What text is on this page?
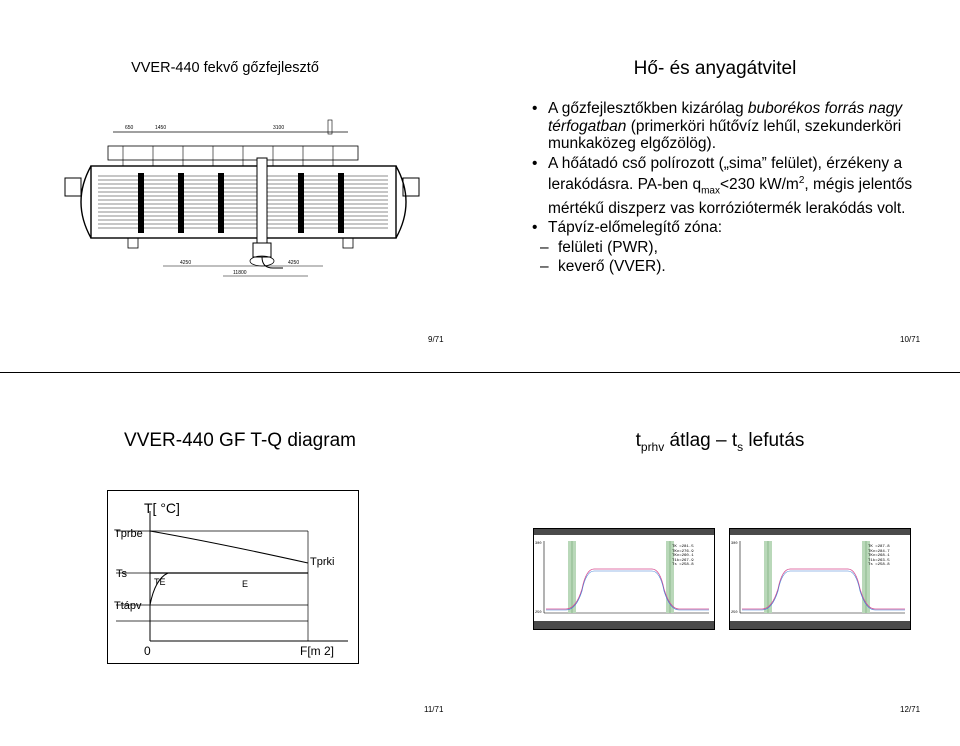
VVER-440 fekvő gőzfejlesztő
650	1450	3100
4250	4250
11800
9/71
Hő- és anyagátvitel
• A gőzfejlesztőkben kizárólag buborékos forrás nagy térfogatban (primerköri hűtővíz lehűl, szekunderköri munkaközeg elgőzölög).
• A hőátadó cső polírozott („sima” felület), érzékeny a lerakódásra. PA-ben $q_{max}<230$ $kW/m^2$, mégis jelentős mértékű diszperz vas korróziótermék lerakódás volt.
• Tápvíz-előmelegítő zóna:
– felületi (PWR),
– keverő (VVER).
10/71
VVER-440 GF T-Q diagram
T[ °C]
Tprbe
Tprki
Ts
TE	E
Ttápv
0	F[m 2]
11/71
$t_{prhv}$ átlag – $t_s$ lefutás
300
250
TK =281.5
TKv=276.9
TKv=260.1
T1k=267.9
Ts =258.8
300
250
TK =287.8
TKv=284.7
TKv=268.1
T1k=263.5
Ts =258.8
12/71
